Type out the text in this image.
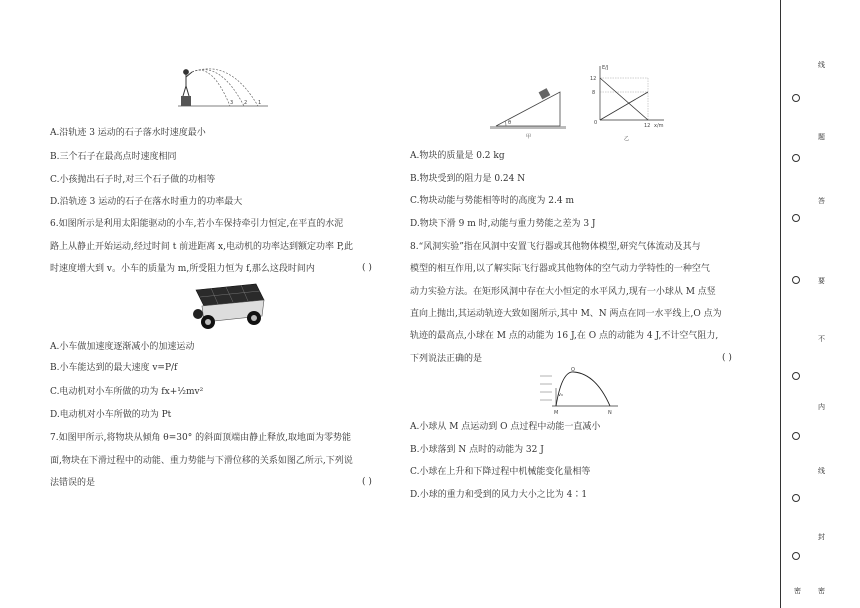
3 2 1
A.沿轨迹 3 运动的石子落水时速度最小
B.三个石子在最高点时速度相同
C.小孩抛出石子时,对三个石子做的功相等
D.沿轨迹 3 运动的石子在落水时重力的功率最大
6.如图所示是利用太阳能驱动的小车,若小车保持牵引力恒定,在平直的水泥
路上从静止开始运动,经过时间 t 前进距离 x,电动机的功率达到额定功率 P,此
时速度增大到 v。小车的质量为 m,所受阻力恒为 f,那么这段时间内	( )
A.小车做加速度逐渐减小的加速运动
B.小车能达到的最大速度 v=P/f
C.电动机对小车所做的功为 fx+½mv²
D.电动机对小车所做的功为 Pt
7.如图甲所示,将物块从倾角 θ=30° 的斜面顶端由静止释放,取地面为零势能
面,物块在下滑过程中的动能、重力势能与下滑位移的关系如图乙所示,下列说
法错误的是	( )
θ
甲
E/J
12
8
0	12 x/m
乙
A.物块的质量是 0.2 kg
B.物块受到的阻力是 0.24 N
C.物块动能与势能相等时的高度为 2.4 m
D.物块下滑 9 m 时,动能与重力势能之差为 3 J
8.“风洞实验”指在风洞中安置飞行器或其他物体模型,研究气体流动及其与
模型的相互作用,以了解实际飞行器或其他物体的空气动力学特性的一种空气
动力实验方法。在矩形风洞中存在大小恒定的水平风力,现有一小球从 M 点竖
直向上抛出,其运动轨迹大致如图所示,其中 M、N 两点在同一水平线上,O 点为
轨迹的最高点,小球在 M 点的动能为 16 J,在 O 点的动能为 4 J,不计空气阻力,
下列说法正确的是	( )
O
v₀
M	N
A.小球从 M 点运动到 O 点过程中动能一直减小
B.小球落到 N 点时的动能为 32 J
C.小球在上升和下降过程中机械能变化量相等
D.小球的重力和受到的风力大小之比为 4∶1
线
题
答
要
不
内
线
封
密 密
